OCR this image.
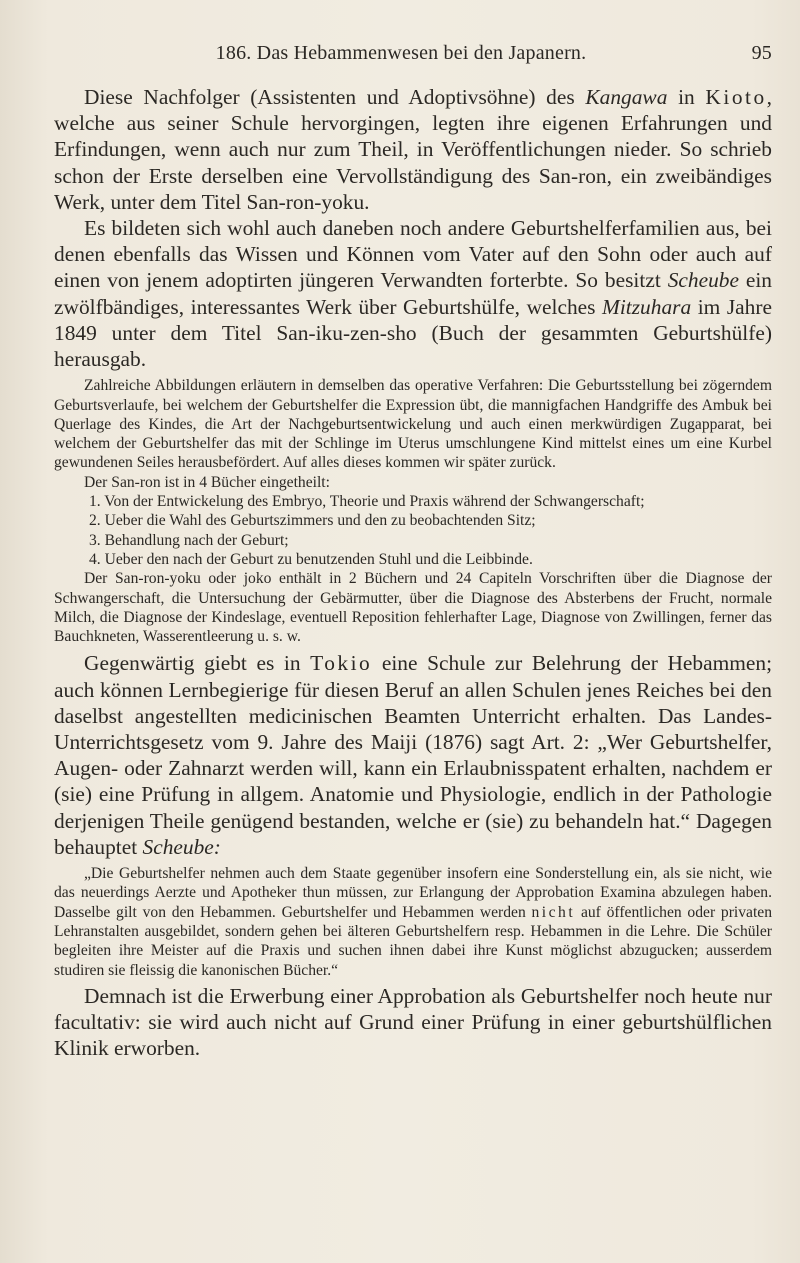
186. Das Hebammenwesen bei den Japanern.	95

Diese Nachfolger (Assistenten und Adoptivsöhne) des Kangawa in Kioto, welche aus seiner Schule hervorgingen, legten ihre eigenen Erfahrungen und Erfindungen, wenn auch nur zum Theil, in Veröffentlichungen nieder. So schrieb schon der Erste derselben eine Vervollständigung des San-ron, ein zweibändiges Werk, unter dem Titel San-ron-yoku.

Es bildeten sich wohl auch daneben noch andere Geburtshelferfamilien aus, bei denen ebenfalls das Wissen und Können vom Vater auf den Sohn oder auch auf einen von jenem adoptirten jüngeren Verwandten forterbte. So besitzt Scheube ein zwölfbändiges, interessantes Werk über Geburtshülfe, welches Mitzuhara im Jahre 1849 unter dem Titel San-iku-zen-sho (Buch der gesammten Geburtshülfe) herausgab.

Zahlreiche Abbildungen erläutern in demselben das operative Verfahren: Die Geburtsstellung bei zögerndem Geburtsverlaufe, bei welchem der Geburtshelfer die Expression übt, die mannigfachen Handgriffe des Ambuk bei Querlage des Kindes, die Art der Nachgeburtsentwickelung und auch einen merkwürdigen Zugapparat, bei welchem der Geburtshelfer das mit der Schlinge im Uterus umschlungene Kind mittelst eines um eine Kurbel gewundenen Seiles herausbefördert. Auf alles dieses kommen wir später zurück.

Der San-ron ist in 4 Bücher eingetheilt:

1. Von der Entwickelung des Embryo, Theorie und Praxis während der Schwangerschaft;
2. Ueber die Wahl des Geburtszimmers und den zu beobachtenden Sitz;
3. Behandlung nach der Geburt;
4. Ueber den nach der Geburt zu benutzenden Stuhl und die Leibbinde.

Der San-ron-yoku oder joko enthält in 2 Büchern und 24 Capiteln Vorschriften über die Diagnose der Schwangerschaft, die Untersuchung der Gebärmutter, über die Diagnose des Absterbens der Frucht, normale Milch, die Diagnose der Kindeslage, eventuell Reposition fehlerhafter Lage, Diagnose von Zwillingen, ferner das Bauchkneten, Wasserentleerung u. s. w.

Gegenwärtig giebt es in Tokio eine Schule zur Belehrung der Hebammen; auch können Lernbegierige für diesen Beruf an allen Schulen jenes Reiches bei den daselbst angestellten medicinischen Beamten Unterricht erhalten. Das Landes-Unterrichtsgesetz vom 9. Jahre des Maiji (1876) sagt Art. 2: „Wer Geburtshelfer, Augen- oder Zahnarzt werden will, kann ein Erlaubnisspatent erhalten, nachdem er (sie) eine Prüfung in allgem. Anatomie und Physiologie, endlich in der Pathologie derjenigen Theile genügend bestanden, welche er (sie) zu behandeln hat.“ Dagegen behauptet Scheube:

„Die Geburtshelfer nehmen auch dem Staate gegenüber insofern eine Sonderstellung ein, als sie nicht, wie das neuerdings Aerzte und Apotheker thun müssen, zur Erlangung der Approbation Examina abzulegen haben. Dasselbe gilt von den Hebammen. Geburtshelfer und Hebammen werden nicht auf öffentlichen oder privaten Lehranstalten ausgebildet, sondern gehen bei älteren Geburtshelfern resp. Hebammen in die Lehre. Die Schüler begleiten ihre Meister auf die Praxis und suchen ihnen dabei ihre Kunst möglichst abzugucken; ausserdem studiren sie fleissig die kanonischen Bücher.“

Demnach ist die Erwerbung einer Approbation als Geburtshelfer noch heute nur facultativ: sie wird auch nicht auf Grund einer Prüfung in einer geburtshülflichen Klinik erworben.
